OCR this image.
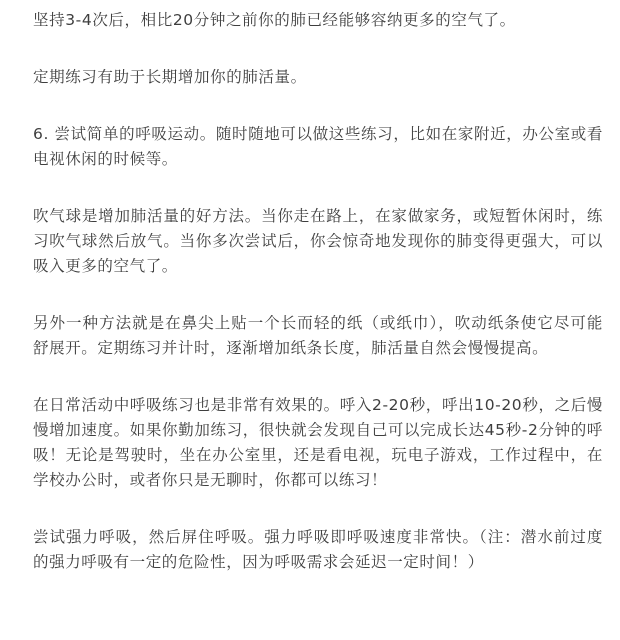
坚持3-4次后，相比20分钟之前你的肺已经能够容纳更多的空气了。

定期练习有助于长期增加你的肺活量。

6. 尝试简单的呼吸运动。随时随地可以做这些练习，比如在家附近，办公室或看电视休闲的时候等。

吹气球是增加肺活量的好方法。当你走在路上，在家做家务，或短暂休闲时，练习吹气球然后放气。当你多次尝试后，你会惊奇地发现你的肺变得更强大，可以吸入更多的空气了。

另外一种方法就是在鼻尖上贴一个长而轻的纸（或纸巾），吹动纸条使它尽可能舒展开。定期练习并计时，逐渐增加纸条长度，肺活量自然会慢慢提高。

在日常活动中呼吸练习也是非常有效果的。呼入2-20秒，呼出10-20秒，之后慢慢增加速度。如果你勤加练习，很快就会发现自己可以完成长达45秒-2分钟的呼吸！无论是驾驶时，坐在办公室里，还是看电视，玩电子游戏，工作过程中，在学校办公时，或者你只是无聊时，你都可以练习！

尝试强力呼吸，然后屏住呼吸。强力呼吸即呼吸速度非常快。（注：潜水前过度的强力呼吸有一定的危险性，因为呼吸需求会延迟一定时间！）
